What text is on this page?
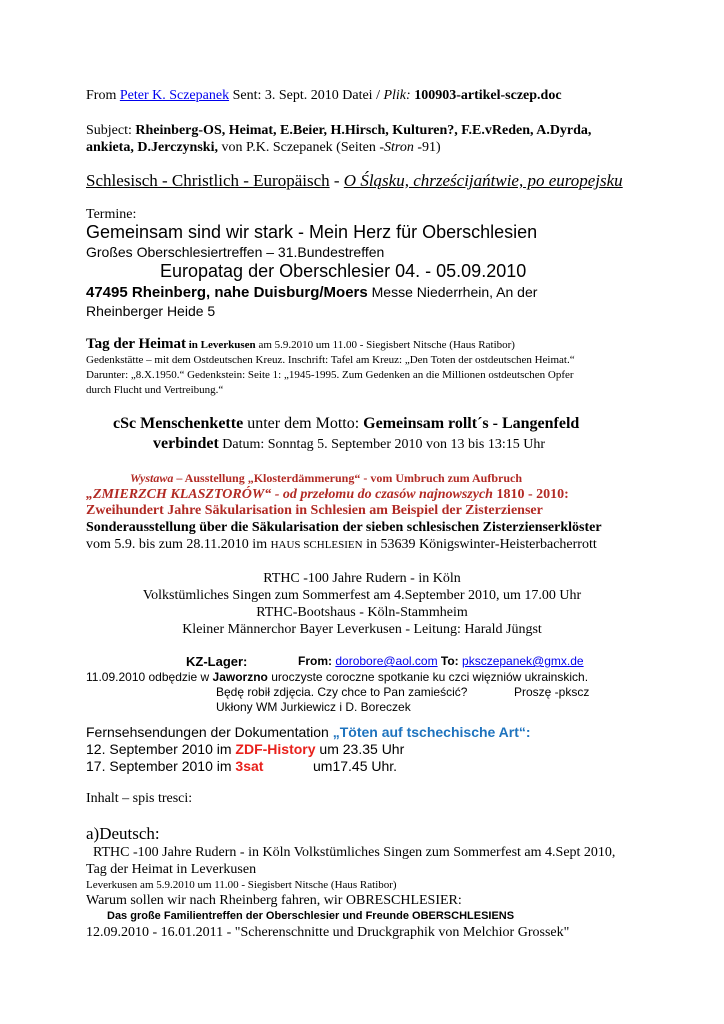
From Peter K. Sczepanek Sent: 3. Sept. 2010 Datei / Plik: 100903-artikel-sczep.doc
Subject: Rheinberg-OS, Heimat, E.Beier, H.Hirsch, Kulturen?, F.E.vReden, A.Dyrda,
ankieta, D.Jerczynski, von P.K. Sczepanek (Seiten -Stron -91)
Schlesisch - Christlich - Europäisch - O Śląsku, chrześcijańtwie, po europejsku
Termine:
Gemeinsam sind wir stark - Mein Herz für Oberschlesien
Großes Oberschlesiertreffen – 31.Bundestreffen
Europatag der Oberschlesier 04. - 05.09.2010
47495 Rheinberg, nahe Duisburg/Moers Messe Niederrhein, An der
Rheinberger Heide 5
Tag der Heimat in Leverkusen am 5.9.2010 um 11.00 - Siegisbert Nitsche (Haus Ratibor)
Gedenkstätte – mit dem Ostdeutschen Kreuz. Inschrift: Tafel am Kreuz: „Den Toten der ostdeutschen Heimat.“
Darunter: „8.X.1950.“ Gedenkstein: Seite 1: „1945-1995. Zum Gedenken an die Millionen ostdeutschen Opfer
durch Flucht und Vertreibung.“
cSc Menschenkette unter dem Motto: Gemeinsam rollt´s - Langenfeld
verbindet Datum: Sonntag 5. September 2010 von 13 bis 13:15 Uhr
Wystawa – Ausstellung „Klosterdämmerung“ - vom Umbruch zum Aufbruch
„ZMIERZCH KLASZTORÓW“ - od przełomu do czasów najnowszych 1810 - 2010:
Zweihundert Jahre Säkularisation in Schlesien am Beispiel der Zisterzienser
Sonderausstellung über die Säkularisation der sieben schlesischen Zisterzienserklöster
vom 5.9. bis zum 28.11.2010 im HAUS SCHLESIEN in 53639 Königswinter-Heisterbacherrott
RTHC -100 Jahre Rudern - in Köln
Volkstümliches Singen zum Sommerfest am 4.September 2010, um 17.00 Uhr
RTHC-Bootshaus - Köln-Stammheim
Kleiner Männerchor Bayer Leverkusen - Leitung: Harald Jüngst
KZ-Lager:	From: dorobore@aol.com To: pksczepanek@gmx.de
11.09.2010 odbędzie w Jaworzno uroczyste coroczne spotkanie ku czci więzniów ukrainskich.
Będę robił zdjęcia. Czy chce to Pan zamieścić?	Proszę -pkscz
Ukłony WM Jurkiewicz i D. Boreczek
Fernsehsendungen der Dokumentation „Töten auf tschechische Art“:
12. September 2010 im ZDF-History um 23.35 Uhr
17. September 2010 im 3sat	um17.45 Uhr.
Inhalt – spis tresci:
a)Deutsch:
RTHC -100 Jahre Rudern - in Köln Volkstümliches Singen zum Sommerfest am 4.Sept 2010,
Tag der Heimat in Leverkusen
Leverkusen am 5.9.2010 um 11.00 - Siegisbert Nitsche (Haus Ratibor)
Warum sollen wir nach Rheinberg fahren, wir OBRESCHLESIER:
Das große Familientreffen der Oberschlesier und Freunde OBERSCHLESIENS
12.09.2010 - 16.01.2011 - "Scherenschnitte und Druckgraphik von Melchior Grossek"
